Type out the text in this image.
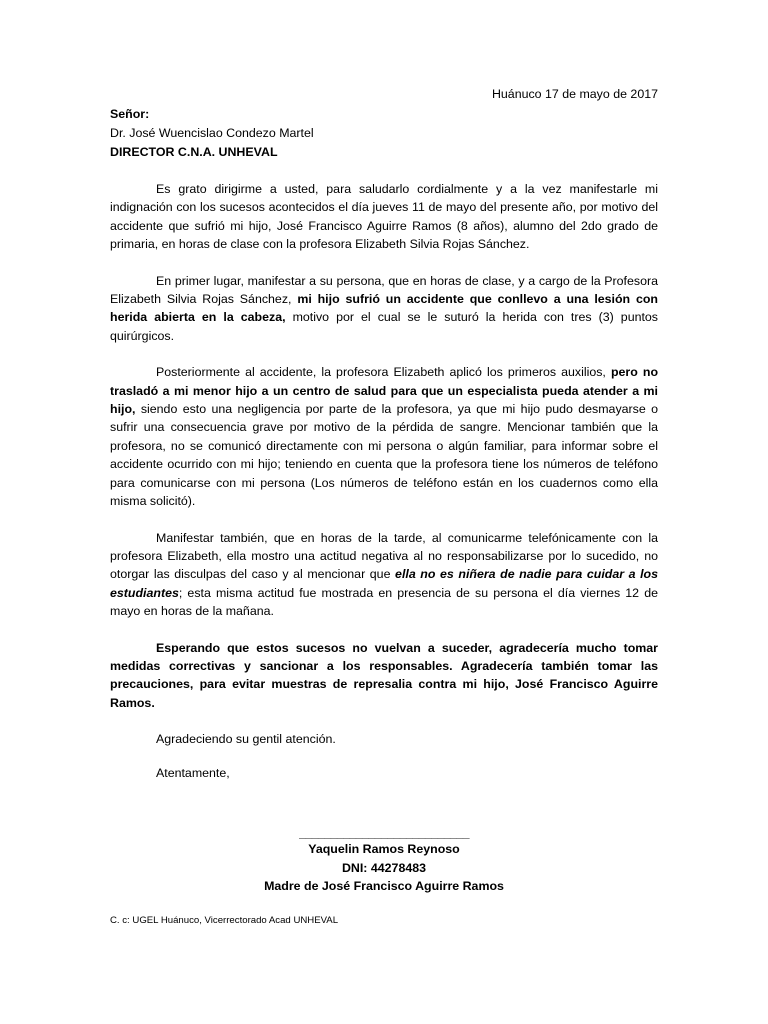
Huánuco 17 de mayo de 2017
Señor:
Dr. José Wuencislao Condezo Martel
DIRECTOR C.N.A. UNHEVAL

Es grato dirigirme a usted, para saludarlo cordialmente y a la vez manifestarle mi indignación con los sucesos acontecidos el día jueves 11 de mayo del presente año, por motivo del accidente que sufrió mi hijo, José Francisco Aguirre Ramos (8 años), alumno del 2do grado de primaria, en horas de clase con la profesora Elizabeth Silvia Rojas Sánchez.

En primer lugar, manifestar a su persona, que en horas de clase, y a cargo de la Profesora Elizabeth Silvia Rojas Sánchez, mi hijo sufrió un accidente que conllevo a una lesión con herida abierta en la cabeza, motivo por el cual se le suturó la herida con tres (3) puntos quirúrgicos.

Posteriormente al accidente, la profesora Elizabeth aplicó los primeros auxilios, pero no trasladó a mi menor hijo a un centro de salud para que un especialista pueda atender a mi hijo, siendo esto una negligencia por parte de la profesora, ya que mi hijo pudo desmayarse o sufrir una consecuencia grave por motivo de la pérdida de sangre. Mencionar también que la profesora, no se comunicó directamente con mi persona o algún familiar, para informar sobre el accidente ocurrido con mi hijo; teniendo en cuenta que la profesora tiene los números de teléfono para comunicarse con mi persona (Los números de teléfono están en los cuadernos como ella misma solicitó).

Manifestar también, que en horas de la tarde, al comunicarme telefónicamente con la profesora Elizabeth, ella mostro una actitud negativa al no responsabilizarse por lo sucedido, no otorgar las disculpas del caso y al mencionar que ella no es niñera de nadie para cuidar a los estudiantes; esta misma actitud fue mostrada en presencia de su persona el día viernes 12 de mayo en horas de la mañana.

Esperando que estos sucesos no vuelvan a suceder, agradecería mucho tomar medidas correctivas y sancionar a los responsables. Agradecería también tomar las precauciones, para evitar muestras de represalia contra mi hijo, José Francisco Aguirre Ramos.

Agradeciendo su gentil atención.

Atentamente,

___________________________
Yaquelin Ramos Reynoso
DNI: 44278483
Madre de José Francisco Aguirre Ramos
C. c: UGEL Huánuco, Vicerrectorado Acad UNHEVAL
